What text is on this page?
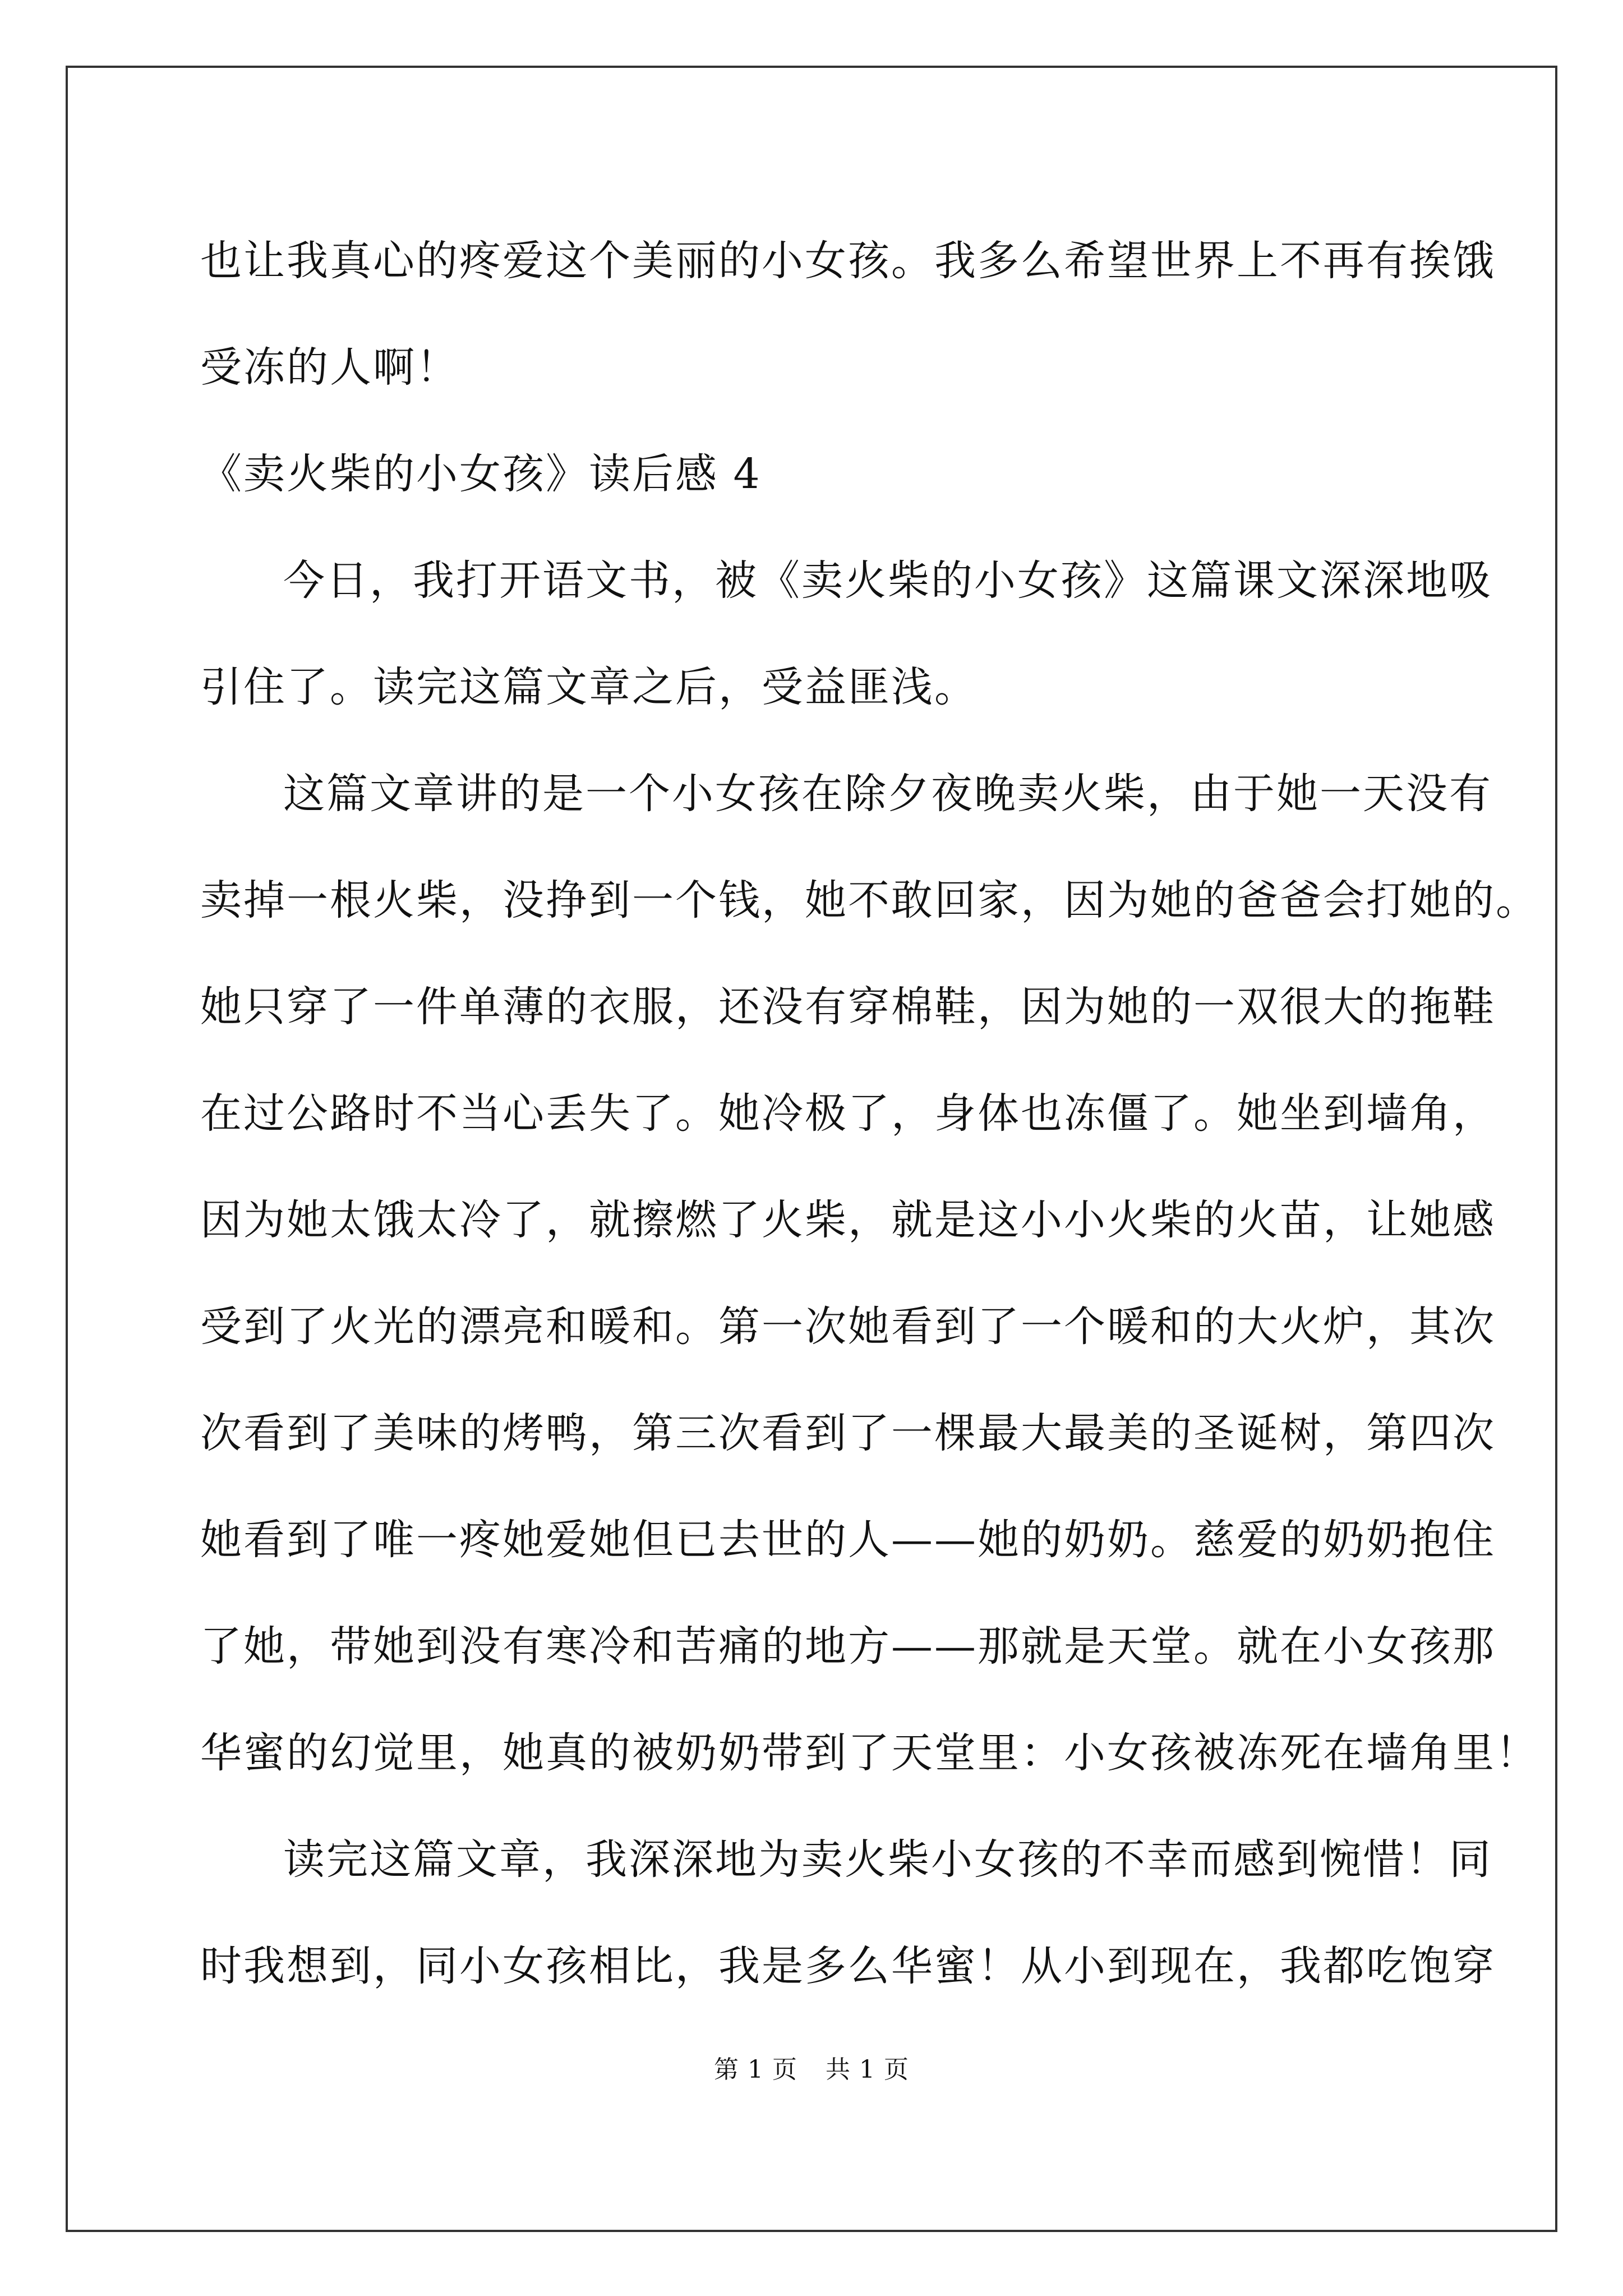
也让我真心的疼爱这个美丽的小女孩。我多么希望世界上不再有挨饿
受冻的人啊！
《卖火柴的小女孩》读后感 4
今日，我打开语文书，被《卖火柴的小女孩》这篇课文深深地吸
引住了。读完这篇文章之后，受益匪浅。
这篇文章讲的是一个小女孩在除夕夜晚卖火柴，由于她一天没有
卖掉一根火柴，没挣到一个钱，她不敢回家，因为她的爸爸会打她的。
她只穿了一件单薄的衣服，还没有穿棉鞋，因为她的一双很大的拖鞋
在过公路时不当心丢失了。她冷极了，身体也冻僵了。她坐到墙角，
因为她太饿太冷了，就擦燃了火柴，就是这小小火柴的火苗，让她感
受到了火光的漂亮和暖和。第一次她看到了一个暖和的大火炉，其次
次看到了美味的烤鸭，第三次看到了一棵最大最美的圣诞树，第四次
她看到了唯一疼她爱她但已去世的人——她的奶奶。慈爱的奶奶抱住
了她，带她到没有寒冷和苦痛的地方——那就是天堂。就在小女孩那
华蜜的幻觉里，她真的被奶奶带到了天堂里：小女孩被冻死在墙角里！
读完这篇文章，我深深地为卖火柴小女孩的不幸而感到惋惜！同
时我想到，同小女孩相比，我是多么华蜜！从小到现在，我都吃饱穿
第 1 页 共 1 页
